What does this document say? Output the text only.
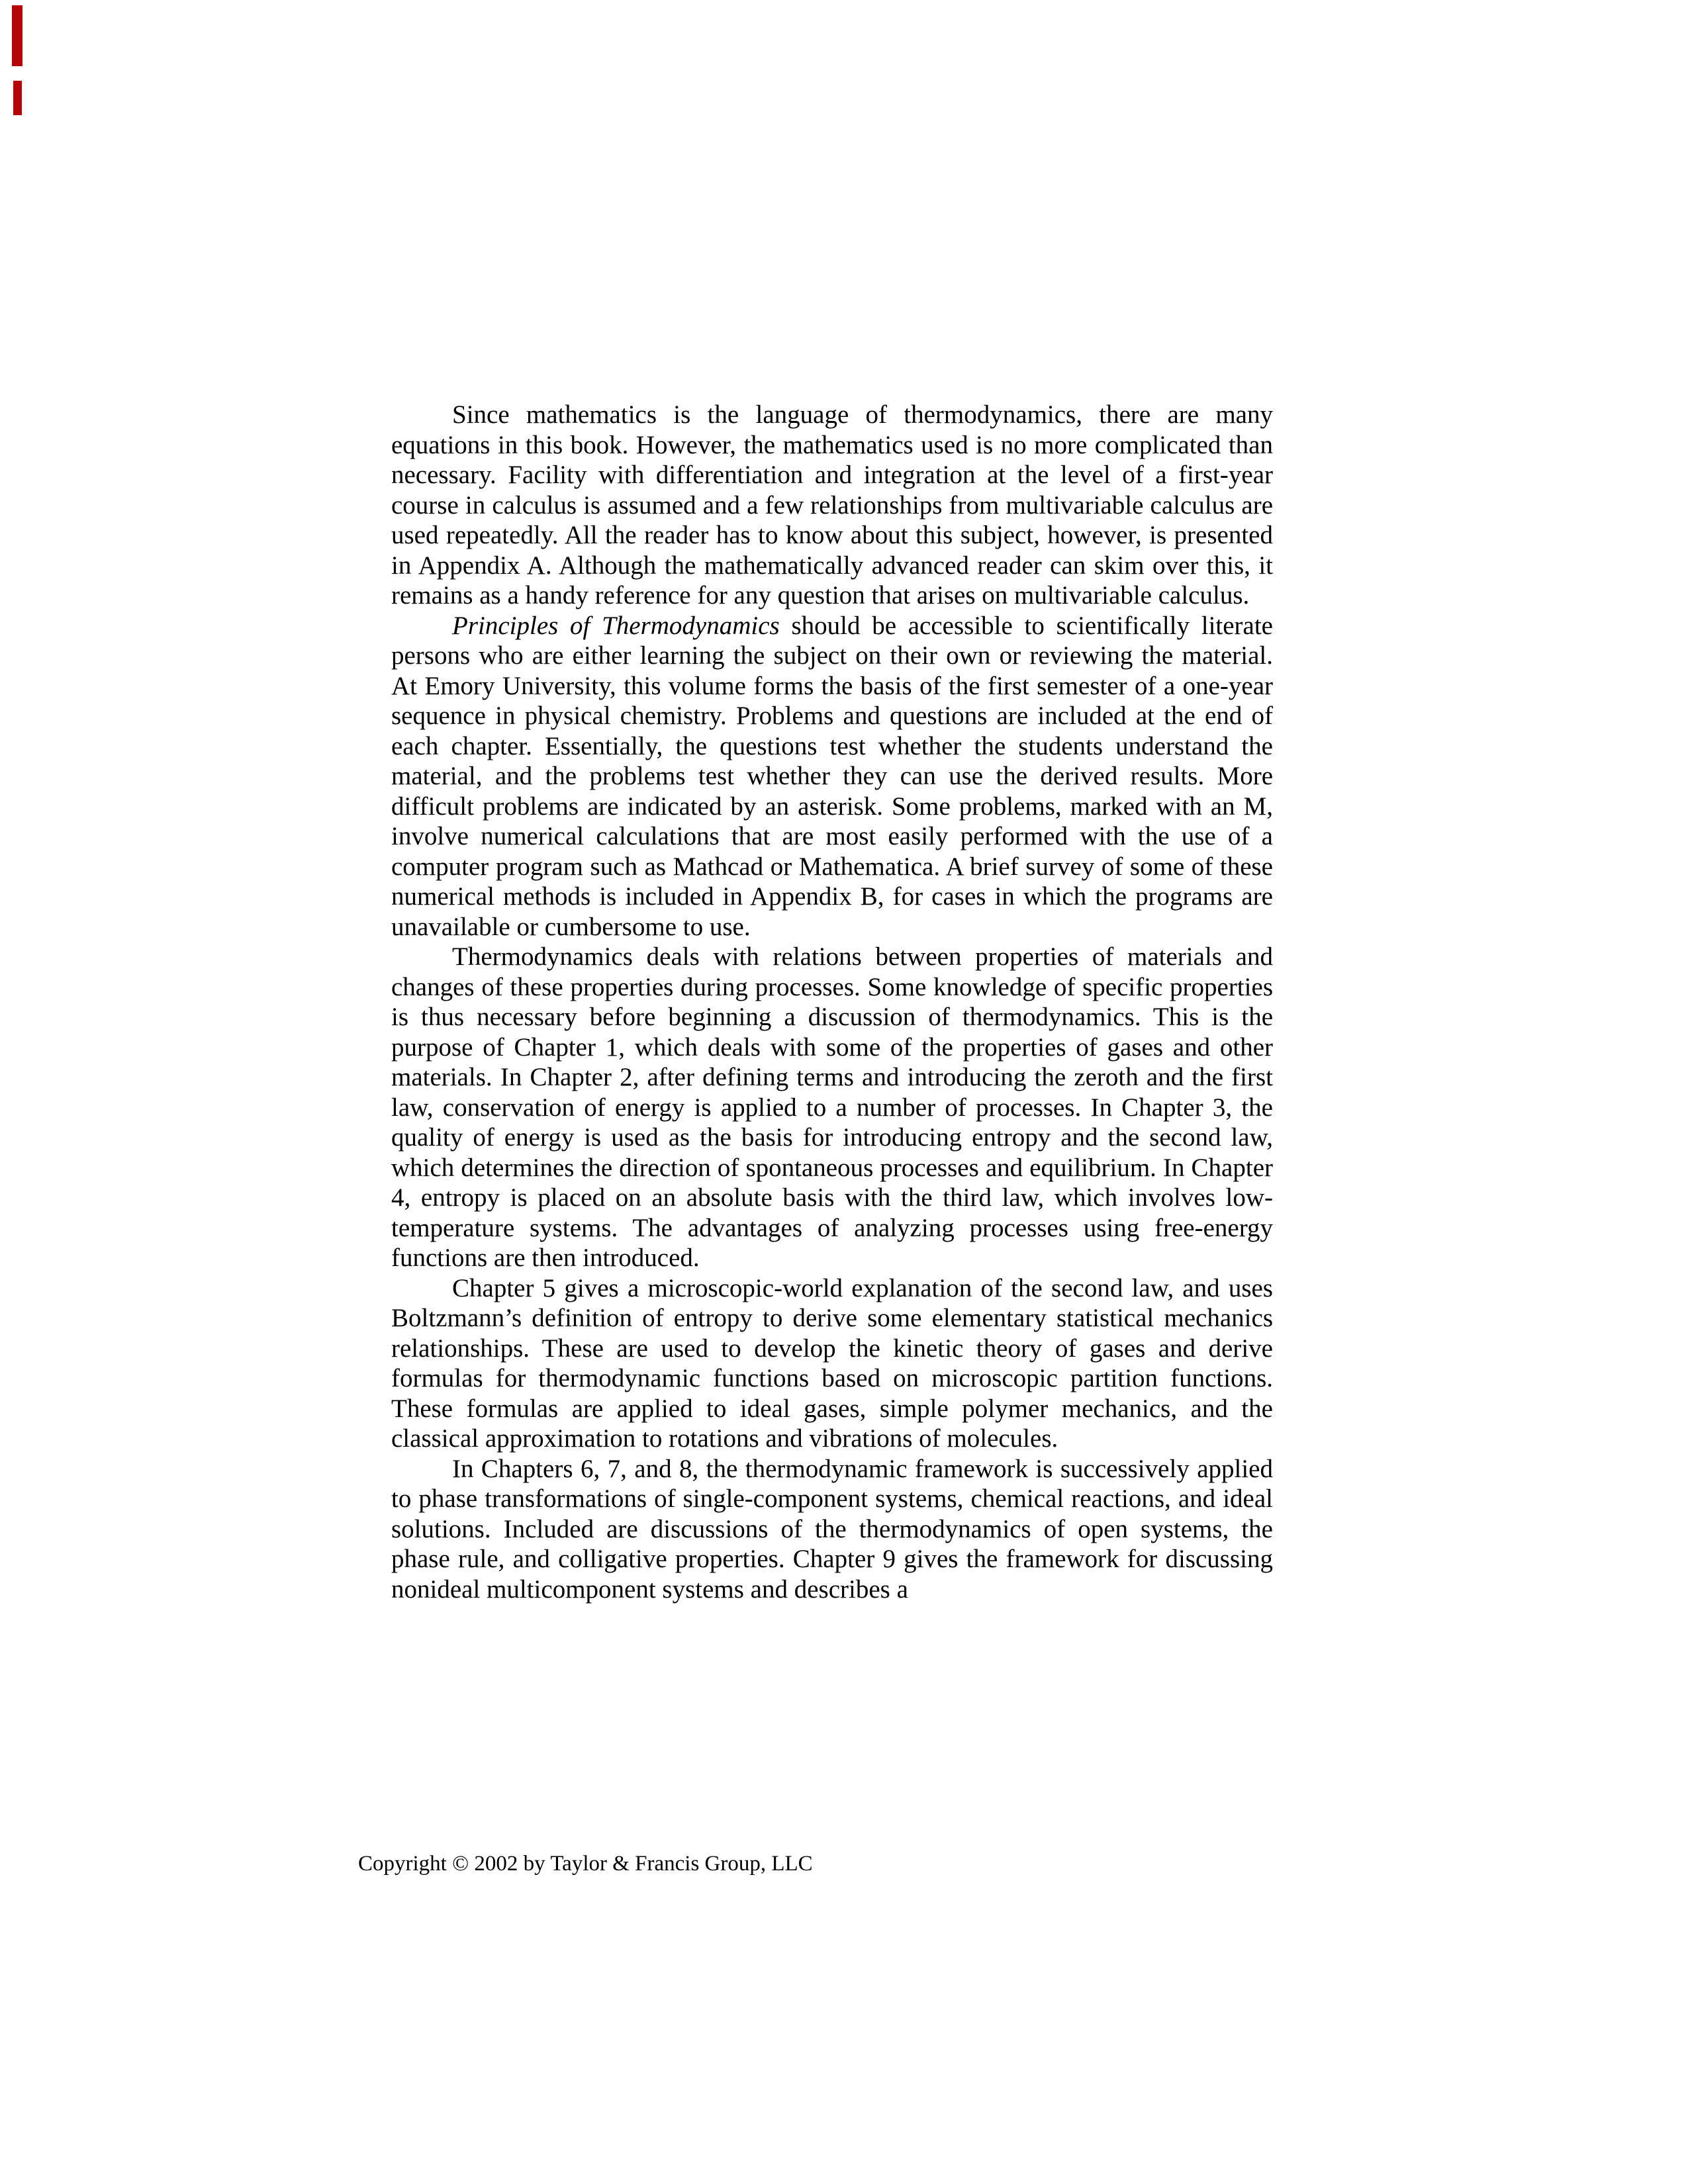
Since mathematics is the language of thermodynamics, there are many equations in this book. However, the mathematics used is no more complicated than necessary. Facility with differentiation and integration at the level of a first-year course in calculus is assumed and a few relationships from multivariable calculus are used repeatedly. All the reader has to know about this subject, however, is presented in Appendix A. Although the mathematically advanced reader can skim over this, it remains as a handy reference for any question that arises on multivariable calculus.

Principles of Thermodynamics should be accessible to scientifically literate persons who are either learning the subject on their own or reviewing the material. At Emory University, this volume forms the basis of the first semester of a one-year sequence in physical chemistry. Problems and questions are included at the end of each chapter. Essentially, the questions test whether the students understand the material, and the problems test whether they can use the derived results. More difficult problems are indicated by an asterisk. Some problems, marked with an M, involve numerical calculations that are most easily performed with the use of a computer program such as Mathcad or Mathematica. A brief survey of some of these numerical methods is included in Appendix B, for cases in which the programs are unavailable or cumbersome to use.

Thermodynamics deals with relations between properties of materials and changes of these properties during processes. Some knowledge of specific properties is thus necessary before beginning a discussion of thermodynamics. This is the purpose of Chapter 1, which deals with some of the properties of gases and other materials. In Chapter 2, after defining terms and introducing the zeroth and the first law, conservation of energy is applied to a number of processes. In Chapter 3, the quality of energy is used as the basis for introducing entropy and the second law, which determines the direction of spontaneous processes and equilibrium. In Chapter 4, entropy is placed on an absolute basis with the third law, which involves low-temperature systems. The advantages of analyzing processes using free-energy functions are then introduced.

Chapter 5 gives a microscopic-world explanation of the second law, and uses Boltzmann’s definition of entropy to derive some elementary statistical mechanics relationships. These are used to develop the kinetic theory of gases and derive formulas for thermodynamic functions based on microscopic partition functions. These formulas are applied to ideal gases, simple polymer mechanics, and the classical approximation to rotations and vibrations of molecules.

In Chapters 6, 7, and 8, the thermodynamic framework is successively applied to phase transformations of single-component systems, chemical reactions, and ideal solutions. Included are discussions of the thermodynamics of open systems, the phase rule, and colligative properties. Chapter 9 gives the framework for discussing nonideal multicomponent systems and describes a

Copyright © 2002 by Taylor & Francis Group, LLC
